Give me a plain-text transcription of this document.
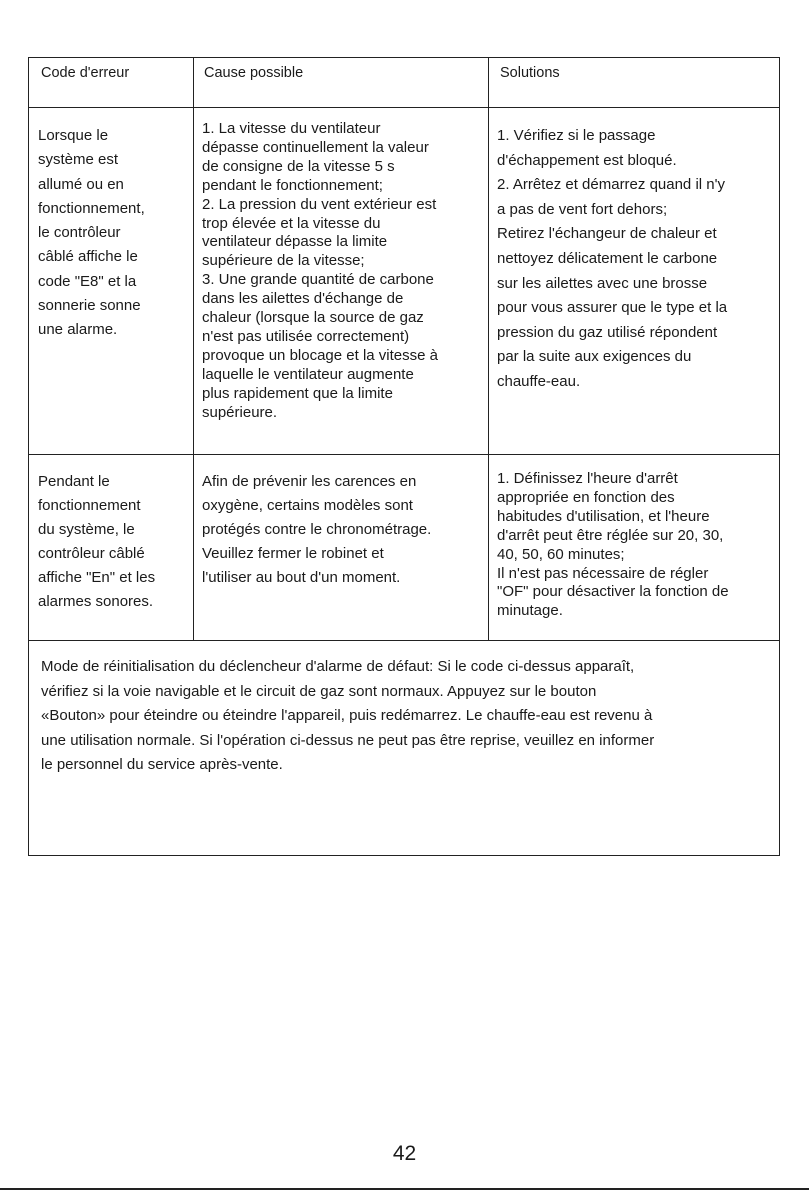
Code d'erreur	Cause possible	Solutions
Lorsque le
système est
allumé ou en
fonctionnement,
le contrôleur
câblé affiche le
code "E8" et la
sonnerie sonne
une alarme.
1. La vitesse du ventilateur
dépasse continuellement la valeur
de consigne de la vitesse 5 s
pendant le fonctionnement;
2. La pression du vent extérieur est
trop élevée et la vitesse du
ventilateur dépasse la limite
supérieure de la vitesse;
3. Une grande quantité de carbone
dans les ailettes d'échange de
chaleur (lorsque la source de gaz
n'est pas utilisée correctement)
provoque un blocage et la vitesse à
laquelle le ventilateur augmente
plus rapidement que la limite
supérieure.
1. Vérifiez si le passage
d'échappement est bloqué.
2. Arrêtez et démarrez quand il n'y
a pas de vent fort dehors;
Retirez l'échangeur de chaleur et
nettoyez délicatement le carbone
sur les ailettes avec une brosse
pour vous assurer que le type et la
pression du gaz utilisé répondent
par la suite aux exigences du
chauffe-eau.
Pendant le
fonctionnement
du système, le
contrôleur câblé
affiche "En" et les
alarmes sonores.
Afin de prévenir les carences en
oxygène, certains modèles sont
protégés contre le chronométrage.
Veuillez fermer le robinet et
l'utiliser au bout d'un moment.
1. Définissez l'heure d'arrêt
appropriée en fonction des
habitudes d'utilisation, et l'heure
d'arrêt peut être réglée sur 20, 30,
40, 50, 60 minutes;
Il n'est pas nécessaire de régler
"OF" pour désactiver la fonction de
minutage.
Mode de réinitialisation du déclencheur d'alarme de défaut: Si le code ci-dessus apparaît,
vérifiez si la voie navigable et le circuit de gaz sont normaux. Appuyez sur le bouton
«Bouton» pour éteindre ou éteindre l'appareil, puis redémarrez. Le chauffe-eau est revenu à
une utilisation normale. Si l'opération ci-dessus ne peut pas être reprise, veuillez en informer
le personnel du service après-vente.
42
